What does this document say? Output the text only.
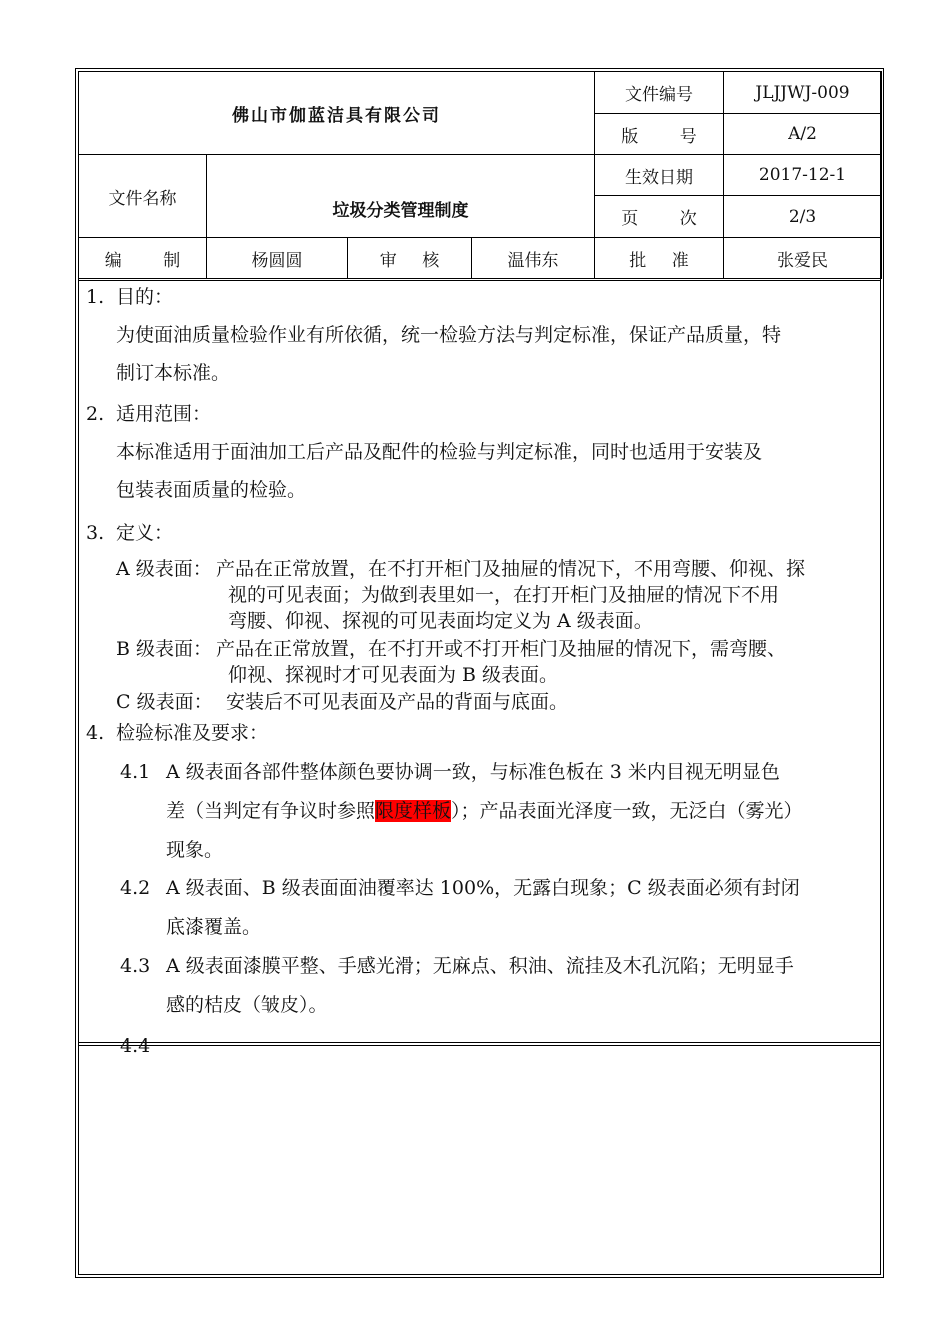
佛山市伽蓝洁具有限公司				文件编号	JLJJWJ-009
				版 号	A/2
文件名称	垃圾分类管理制度			生效日期	2017-12-1
				页 次	2/3
编 制	杨圆圆	审 核	温伟东	批 准	张爱民
1. 目的：
为使面油质量检验作业有所依循，统一检验方法与判定标准，保证产品质量，特
制订本标准。
2. 适用范围：
本标准适用于面油加工后产品及配件的检验与判定标准，同时也适用于安装及
包装表面质量的检验。
3. 定义：
A 级表面： 产品在正常放置，在不打开柜门及抽屉的情况下，不用弯腰、仰视、探
视的可见表面；为做到表里如一，在打开柜门及抽屉的情况下不用
弯腰、仰视、探视的可见表面均定义为 A 级表面。
B 级表面： 产品在正常放置，在不打开或不打开柜门及抽屉的情况下，需弯腰、
仰视、探视时才可见表面为 B 级表面。
C 级表面： 安装后不可见表面及产品的背面与底面。
4. 检验标准及要求：
4.1 A 级表面各部件整体颜色要协调一致，与标准色板在 3 米内目视无明显色
差（当判定有争议时参照限度样板）；产品表面光泽度一致，无泛白（雾光）
现象。
4.2 A 级表面、B 级表面面油覆率达 100%，无露白现象；C 级表面必须有封闭
底漆覆盖。
4.3 A 级表面漆膜平整、手感光滑；无麻点、积油、流挂及木孔沉陷；无明显手
感的桔皮（皱皮）。
4.4
